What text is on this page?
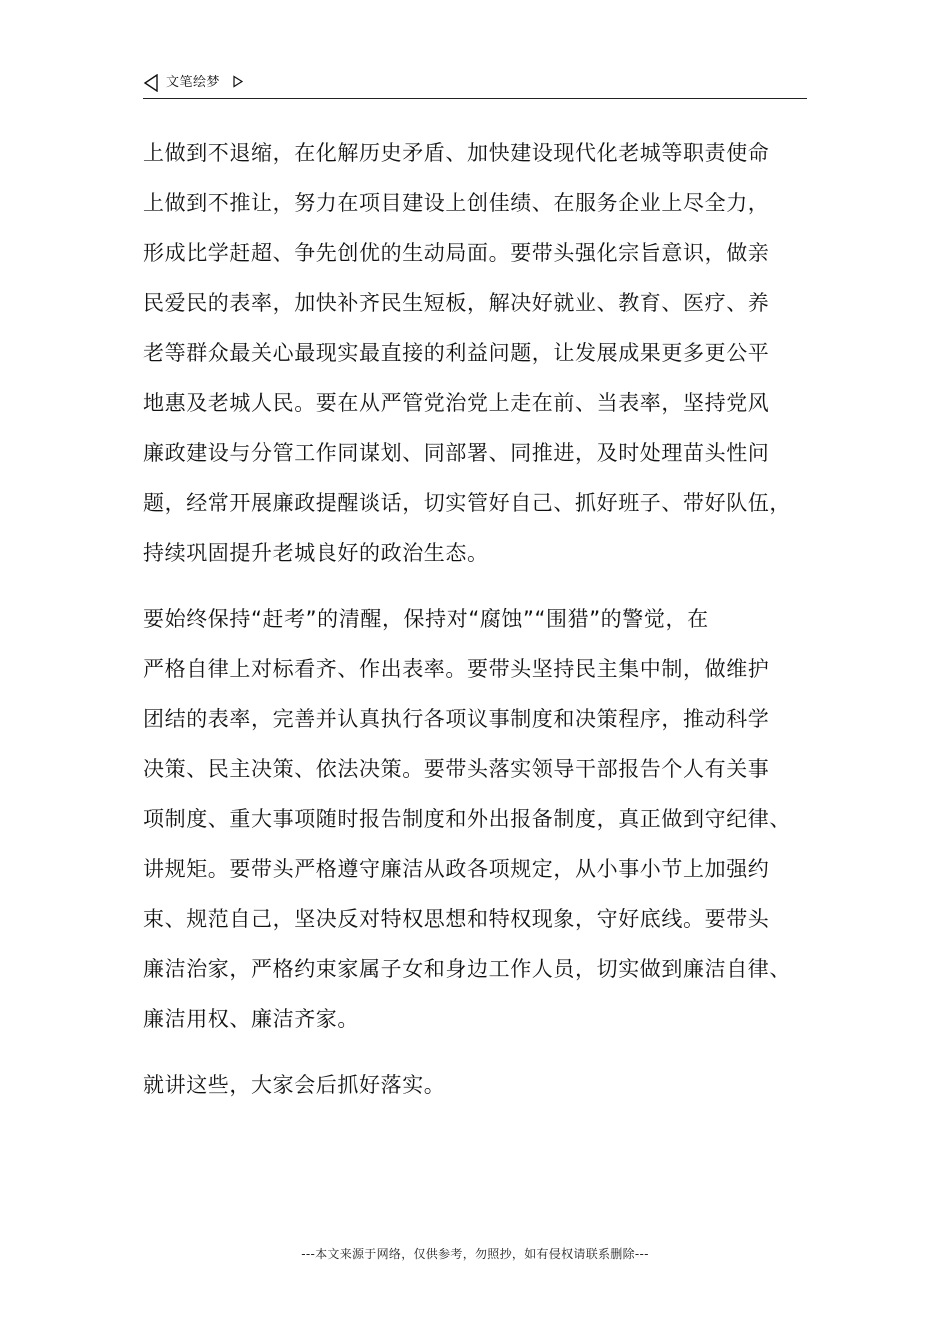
文笔绘梦

上做到不退缩，在化解历史矛盾、加快建设现代化老城等职责使命
上做到不推让，努力在项目建设上创佳绩、在服务企业上尽全力，
形成比学赶超、争先创优的生动局面。要带头强化宗旨意识，做亲
民爱民的表率，加快补齐民生短板，解决好就业、教育、医疗、养
老等群众最关心最现实最直接的利益问题，让发展成果更多更公平
地惠及老城人民。要在从严管党治党上走在前、当表率，坚持党风
廉政建设与分管工作同谋划、同部署、同推进，及时处理苗头性问
题，经常开展廉政提醒谈话，切实管好自己、抓好班子、带好队伍，
持续巩固提升老城良好的政治生态。

要始终保持“赶考”的清醒，保持对“腐蚀”“围猎”的警觉，在
严格自律上对标看齐、作出表率。要带头坚持民主集中制，做维护
团结的表率，完善并认真执行各项议事制度和决策程序，推动科学
决策、民主决策、依法决策。要带头落实领导干部报告个人有关事
项制度、重大事项随时报告制度和外出报备制度，真正做到守纪律、
讲规矩。要带头严格遵守廉洁从政各项规定，从小事小节上加强约
束、规范自己，坚决反对特权思想和特权现象，守好底线。要带头
廉洁治家，严格约束家属子女和身边工作人员，切实做到廉洁自律、
廉洁用权、廉洁齐家。

就讲这些，大家会后抓好落实。

---本文来源于网络，仅供参考，勿照抄，如有侵权请联系删除---
